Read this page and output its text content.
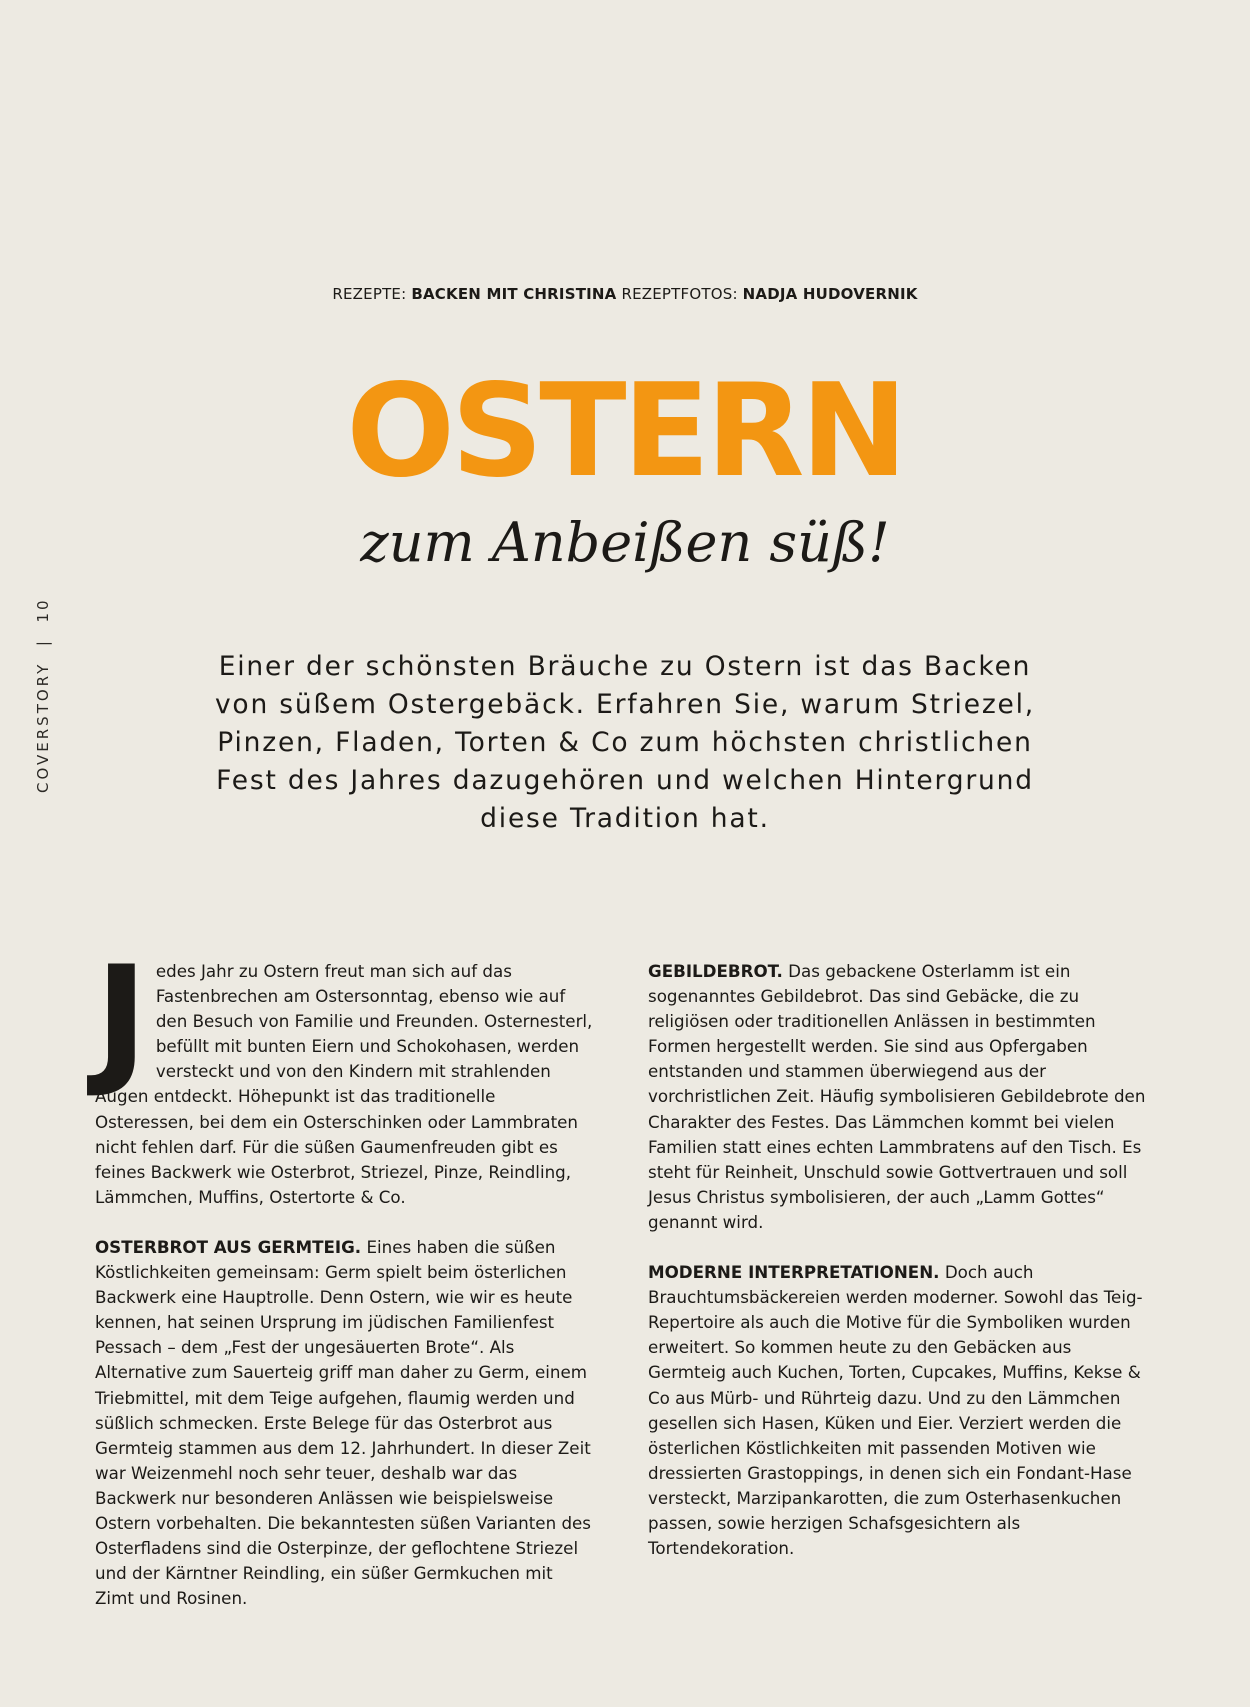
REZEPTE: BACKEN MIT CHRISTINA REZEPTFOTOS: NADJA HUDOVERNIK
OSTERN
zum Anbeißen süß!
COVERSTORY  |  10
Einer der schönsten Bräuche zu Ostern ist das Backen von süßem Ostergebäck. Erfahren Sie, warum Striezel, Pinzen, Fladen, Torten & Co zum höchsten christlichen Fest des Jahres dazugehören und welchen Hintergrund diese Tradition hat.

Jedes Jahr zu Ostern freut man sich auf das Fastenbrechen am Ostersonntag, ebenso wie auf den Besuch von Familie und Freunden. Osternesterl, befüllt mit bunten Eiern und Schokohasen, werden versteckt und von den Kindern mit strahlenden Augen entdeckt. Höhepunkt ist das traditionelle Osteressen, bei dem ein Osterschinken oder Lammbraten nicht fehlen darf. Für die süßen Gaumenfreuden gibt es feines Backwerk wie Osterbrot, Striezel, Pinze, Reindling, Lämmchen, Muffins, Ostertorte & Co.

OSTERBROT AUS GERMTEIG. Eines haben die süßen Köstlichkeiten gemeinsam: Germ spielt beim österlichen Backwerk eine Hauptrolle. Denn Ostern, wie wir es heute kennen, hat seinen Ursprung im jüdischen Familienfest Pessach – dem „Fest der ungesäuerten Brote“. Als Alternative zum Sauerteig griff man daher zu Germ, einem Triebmittel, mit dem Teige aufgehen, flaumig werden und süßlich schmecken. Erste Belege für das Osterbrot aus Germteig stammen aus dem 12. Jahrhundert. In dieser Zeit war Weizenmehl noch sehr teuer, deshalb war das Backwerk nur besonderen Anlässen wie beispielsweise Ostern vorbehalten. Die bekanntesten süßen Varianten des Osterfladens sind die Osterpinze, der geflochtene Striezel und der Kärntner Reindling, ein süßer Germkuchen mit Zimt und Rosinen.

GEBILDEBROT. Das gebackene Osterlamm ist ein sogenanntes Gebildebrot. Das sind Gebäcke, die zu religiösen oder traditionellen Anlässen in bestimmten Formen hergestellt werden. Sie sind aus Opfergaben entstanden und stammen überwiegend aus der vorchristlichen Zeit. Häufig symbolisieren Gebildebrote den Charakter des Festes. Das Lämmchen kommt bei vielen Familien statt eines echten Lammbratens auf den Tisch. Es steht für Reinheit, Unschuld sowie Gottvertrauen und soll Jesus Christus symbolisieren, der auch „Lamm Gottes“ genannt wird.

MODERNE INTERPRETATIONEN. Doch auch Brauchtumsbäckereien werden moderner. Sowohl das Teig-Repertoire als auch die Motive für die Symboliken wurden erweitert. So kommen heute zu den Gebäcken aus Germteig auch Kuchen, Torten, Cupcakes, Muffins, Kekse & Co aus Mürb- und Rührteig dazu. Und zu den Lämmchen gesellen sich Hasen, Küken und Eier. Verziert werden die österlichen Köstlichkeiten mit passenden Motiven wie dressierten Grastoppings, in denen sich ein Fondant-Hase versteckt, Marzipankarotten, die zum Osterhasenkuchen passen, sowie herzigen Schafsgesichtern als Tortendekoration.
